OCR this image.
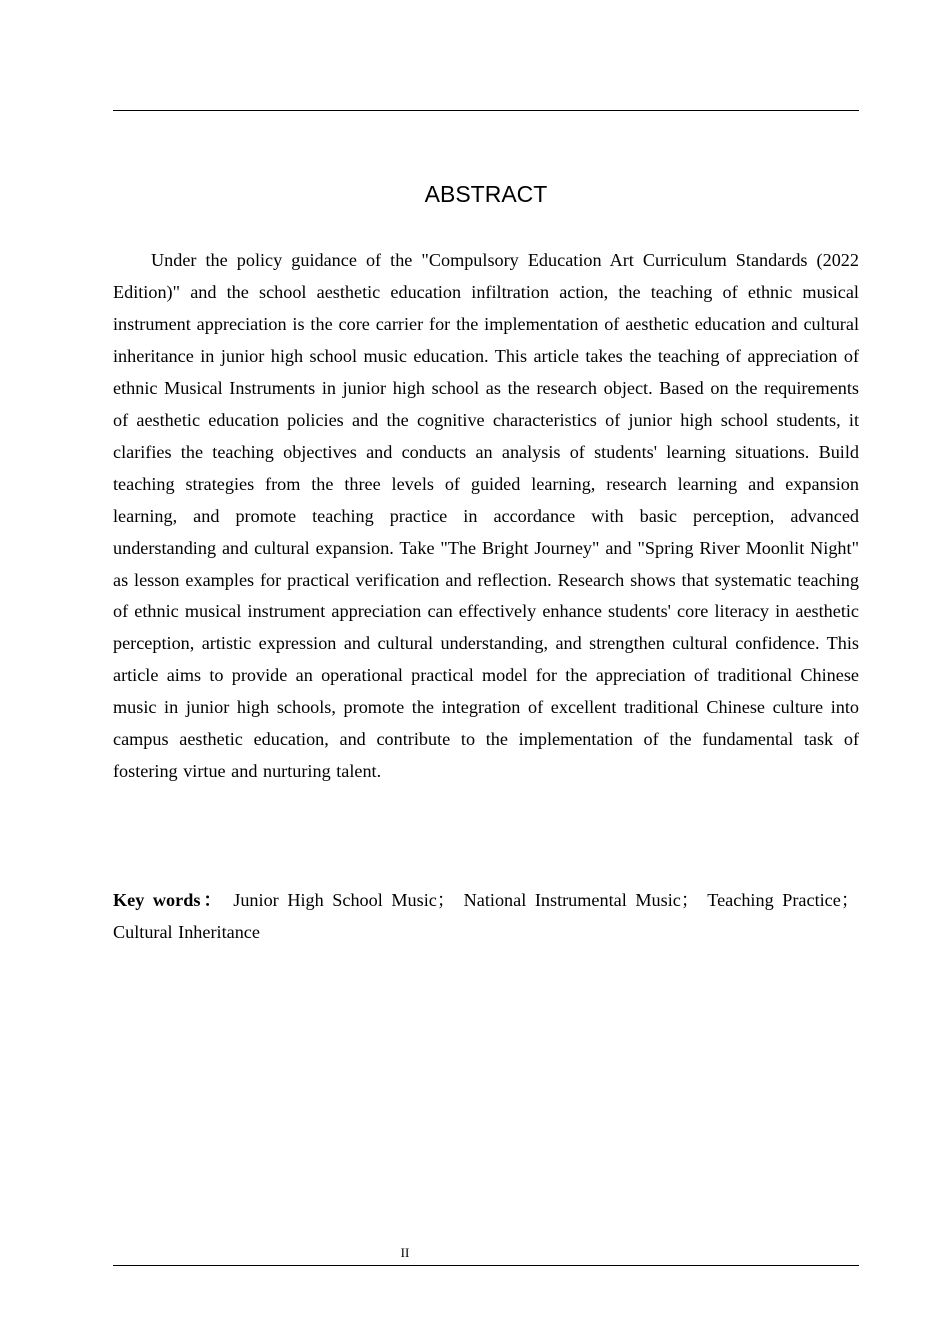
ABSTRACT

Under the policy guidance of the "Compulsory Education Art Curriculum Standards (2022 Edition)" and the school aesthetic education infiltration action, the teaching of ethnic musical instrument appreciation is the core carrier for the implementation of aesthetic education and cultural inheritance in junior high school music education. This article takes the teaching of appreciation of ethnic Musical Instruments in junior high school as the research object. Based on the requirements of aesthetic education policies and the cognitive characteristics of junior high school students, it clarifies the teaching objectives and conducts an analysis of students' learning situations. Build teaching strategies from the three levels of guided learning, research learning and expansion learning, and promote teaching practice in accordance with basic perception, advanced understanding and cultural expansion. Take "The Bright Journey" and "Spring River Moonlit Night" as lesson examples for practical verification and reflection. Research shows that systematic teaching of ethnic musical instrument appreciation can effectively enhance students' core literacy in aesthetic perception, artistic expression and cultural understanding, and strengthen cultural confidence. This article aims to provide an operational practical model for the appreciation of traditional Chinese music in junior high schools, promote the integration of excellent traditional Chinese culture into campus aesthetic education, and contribute to the implementation of the fundamental task of fostering virtue and nurturing talent.

Key words： Junior High School Music； National Instrumental Music； Teaching Practice；Cultural Inheritance

II
